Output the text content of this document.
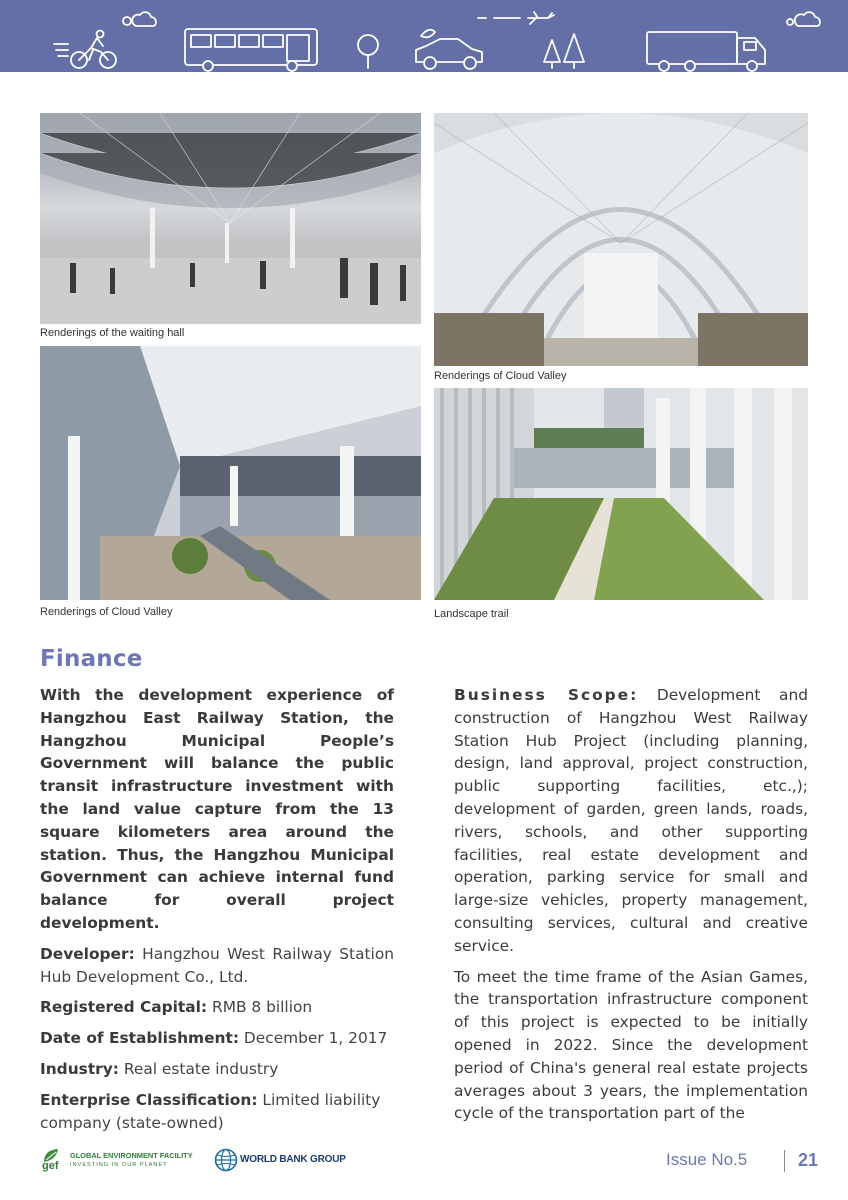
Renderings of the waiting hall
Renderings of Cloud Valley
Renderings of Cloud Valley	Landscape trail
Finance

With the development experience of Hangzhou East Railway Station, the Hangzhou Municipal People’s Government will balance the public transit infrastructure investment with the land value capture from the 13 square kilometers area around the station. Thus, the Hangzhou Municipal Government can achieve internal fund balance for overall project development.

Developer: Hangzhou West Railway Station Hub Development Co., Ltd.

Registered Capital: RMB 8 billion

Date of Establishment: December 1, 2017

Industry: Real estate industry

Enterprise Classification: Limited liability company (state-owned)

Business Scope: Development and construction of Hangzhou West Railway Station Hub Project (including planning, design, land approval, project construction, public supporting facilities, etc.,); development of garden, green lands, roads, rivers, schools, and other supporting facilities, real estate development and operation, parking service for small and large-size vehicles, property management, consulting services, cultural and creative service.

To meet the time frame of the Asian Games, the transportation infrastructure component of this project is expected to be initially opened in 2022. Since the development period of China's general real estate projects averages about 3 years, the implementation cycle of the transportation part of the

gef
GLOBAL ENVIRONMENT FACILITY
INVESTING IN OUR PLANET	WORLD BANK GROUP	Issue No.5	21
